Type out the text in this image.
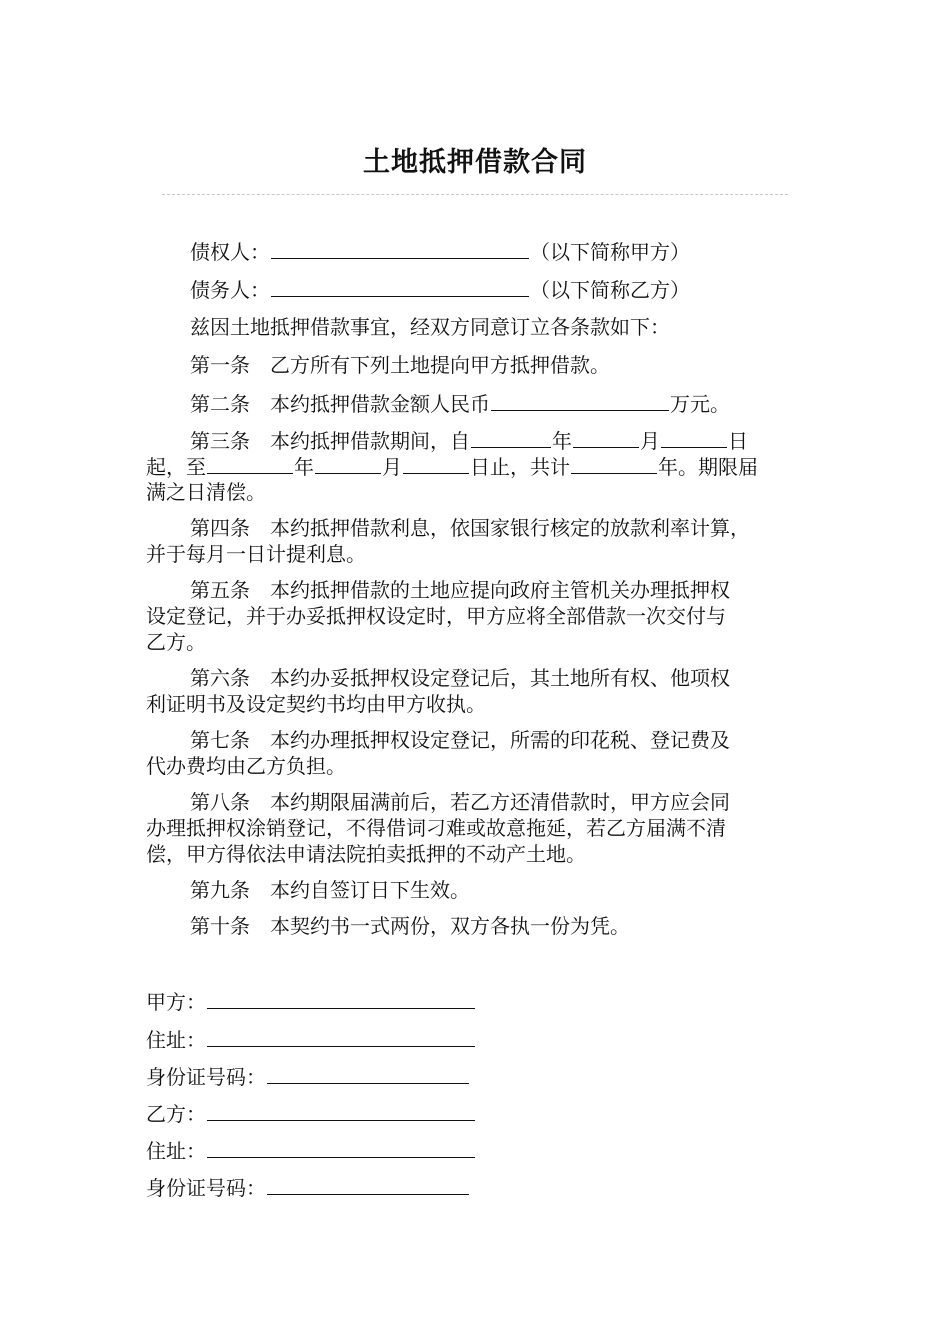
土地抵押借款合同
债权人：	（以下简称甲方）
债务人：	（以下简称乙方）
兹因土地抵押借款事宜，经双方同意订立各条款如下：
第一条　乙方所有下列土地提向甲方抵押借款。
第二条　本约抵押借款金额人民币	万元。
第三条　本约抵押借款期间，自	年	月	日
起，至	年	月	日止，共计	年。期限届
满之日清偿。
第四条　本约抵押借款利息，依国家银行核定的放款利率计算，
并于每月一日计提利息。
第五条　本约抵押借款的土地应提向政府主管机关办理抵押权
设定登记，并于办妥抵押权设定时，甲方应将全部借款一次交付与
乙方。
第六条　本约办妥抵押权设定登记后，其土地所有权、他项权
利证明书及设定契约书均由甲方收执。
第七条　本约办理抵押权设定登记，所需的印花税、登记费及
代办费均由乙方负担。
第八条　本约期限届满前后，若乙方还清借款时，甲方应会同
办理抵押权涂销登记，不得借词刁难或故意拖延，若乙方届满不清
偿，甲方得依法申请法院拍卖抵押的不动产土地。
第九条　本约自签订日下生效。
第十条　本契约书一式两份，双方各执一份为凭。
甲方：
住址：
身份证号码：
乙方：
住址：
身份证号码：
